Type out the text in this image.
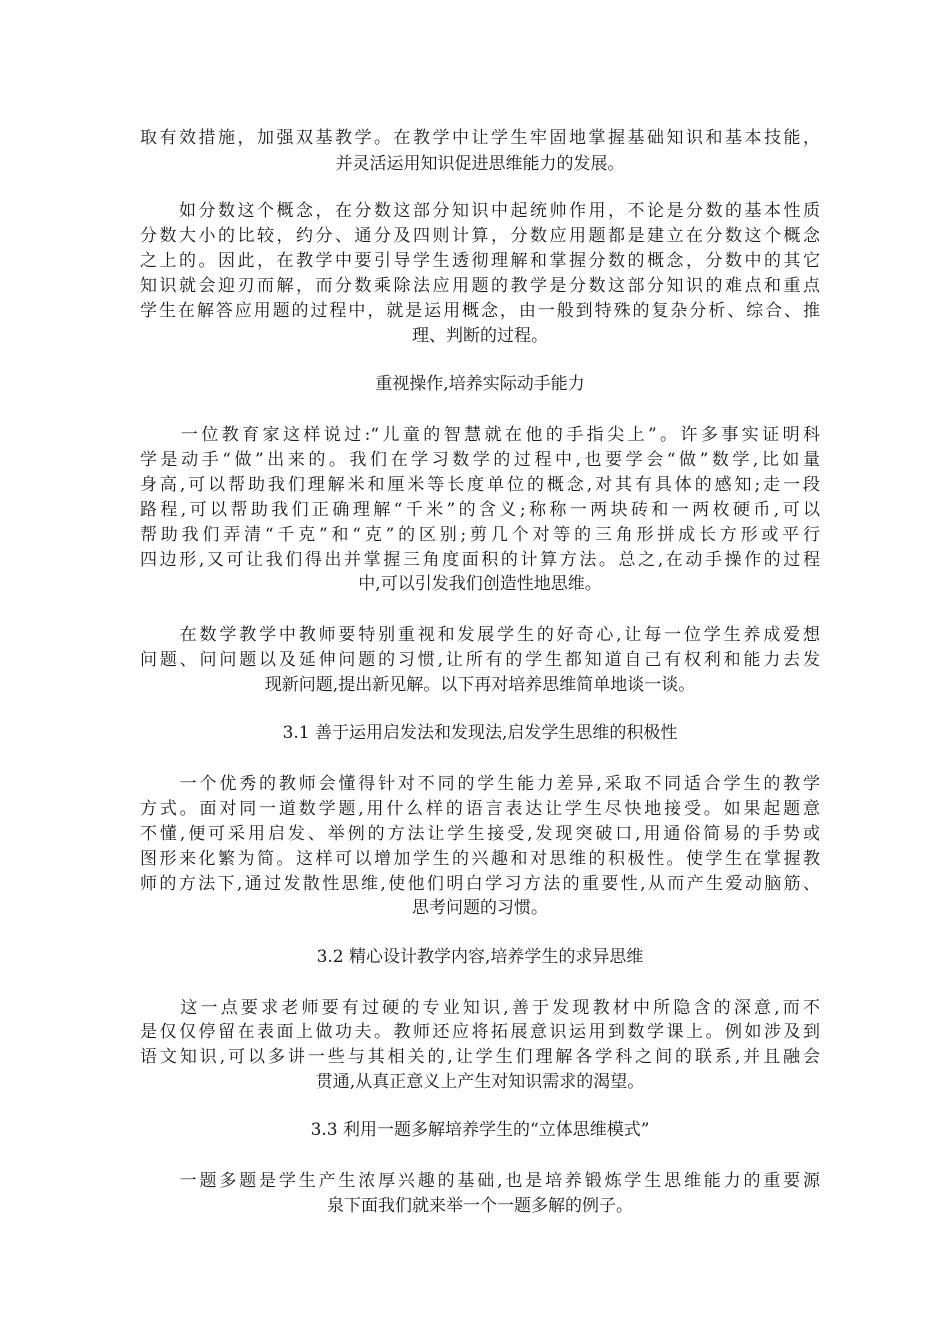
取有效措施，加强双基教学。在教学中让学生牢固地掌握基础知识和基本技能，
并灵活运用知识促进思维能力的发展。
　　如分数这个概念，在分数这部分知识中起统帅作用，不论是分数的基本性质
分数大小的比较，约分、通分及四则计算，分数应用题都是建立在分数这个概念
之上的。因此，在教学中要引导学生透彻理解和掌握分数的概念，分数中的其它
知识就会迎刃而解，而分数乘除法应用题的教学是分数这部分知识的难点和重点
学生在解答应用题的过程中，就是运用概念，由一般到特殊的复杂分析、综合、推
理、判断的过程。
重视操作,培养实际动手能力
　　一位教育家这样说过:“儿童的智慧就在他的手指尖上”。许多事实证明科
学是动手“做”出来的。我们在学习数学的过程中,也要学会“做”数学,比如量
身高,可以帮助我们理解米和厘米等长度单位的概念,对其有具体的感知;走一段
路程,可以帮助我们正确理解“千米”的含义;称称一两块砖和一两枚硬币,可以
帮助我们弄清“千克”和“克”的区别;剪几个对等的三角形拼成长方形或平行
四边形,又可让我们得出并掌握三角度面积的计算方法。总之,在动手操作的过程
中,可以引发我们创造性地思维。
　　在数学教学中教师要特别重视和发展学生的好奇心,让每一位学生养成爱想
问题、问问题以及延伸问题的习惯,让所有的学生都知道自己有权利和能力去发
现新问题,提出新见解。以下再对培养思维简单地谈一谈。
3.1 善于运用启发法和发现法,启发学生思维的积极性
　　一个优秀的教师会懂得针对不同的学生能力差异,采取不同适合学生的教学
方式。面对同一道数学题,用什么样的语言表达让学生尽快地接受。如果起题意
不懂,便可采用启发、举例的方法让学生接受,发现突破口,用通俗简易的手势或
图形来化繁为简。这样可以增加学生的兴趣和对思维的积极性。使学生在掌握教
师的方法下,通过发散性思维,使他们明白学习方法的重要性,从而产生爱动脑筋、
思考问题的习惯。
3.2 精心设计教学内容,培养学生的求异思维
　　这一点要求老师要有过硬的专业知识,善于发现教材中所隐含的深意,而不
是仅仅停留在表面上做功夫。教师还应将拓展意识运用到数学课上。例如涉及到
语文知识,可以多讲一些与其相关的,让学生们理解各学科之间的联系,并且融会
贯通,从真正意义上产生对知识需求的渴望。
3.3 利用一题多解培养学生的“立体思维模式”
　　一题多题是学生产生浓厚兴趣的基础,也是培养锻炼学生思维能力的重要源
泉下面我们就来举一个一题多解的例子。
